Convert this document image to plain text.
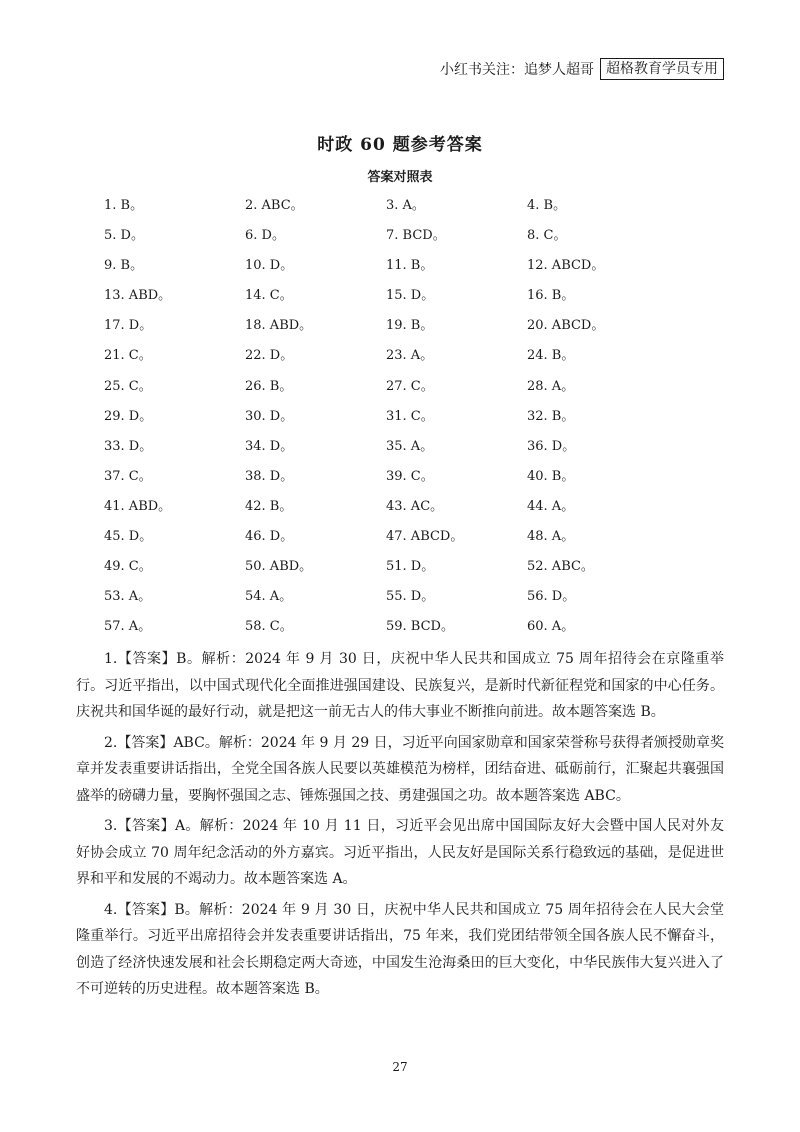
小红书关注：追梦人超哥 超格教育学员专用
时政 60 题参考答案
答案对照表
1. B。	2. ABC。	3. A。	4. B。
5. D。	6. D。	7. BCD。	8. C。
9. B。	10. D。	11. B。	12. ABCD。
13. ABD。	14. C。	15. D。	16. B。
17. D。	18. ABD。	19. B。	20. ABCD。
21. C。	22. D。	23. A。	24. B。
25. C。	26. B。	27. C。	28. A。
29. D。	30. D。	31. C。	32. B。
33. D。	34. D。	35. A。	36. D。
37. C。	38. D。	39. C。	40. B。
41. ABD。	42. B。	43. AC。	44. A。
45. D。	46. D。	47. ABCD。	48. A。
49. C。	50. ABD。	51. D。	52. ABC。
53. A。	54. A。	55. D。	56. D。
57. A。	58. C。	59. BCD。	60. A。

1.【答案】B。解析：2024 年 9 月 30 日，庆祝中华人民共和国成立 75 周年招待会在京隆重举行。习近平指出，以中国式现代化全面推进强国建设、民族复兴，是新时代新征程党和国家的中心任务。庆祝共和国华诞的最好行动，就是把这一前无古人的伟大事业不断推向前进。故本题答案选 B。

2.【答案】ABC。解析：2024 年 9 月 29 日，习近平向国家勋章和国家荣誉称号获得者颁授勋章奖章并发表重要讲话指出，全党全国各族人民要以英雄模范为榜样，团结奋进、砥砺前行，汇聚起共襄强国盛举的磅礴力量，要胸怀强国之志、锤炼强国之技、勇建强国之功。故本题答案选 ABC。

3.【答案】A。解析：2024 年 10 月 11 日，习近平会见出席中国国际友好大会暨中国人民对外友好协会成立 70 周年纪念活动的外方嘉宾。习近平指出，人民友好是国际关系行稳致远的基础，是促进世界和平和发展的不竭动力。故本题答案选 A。

4.【答案】B。解析：2024 年 9 月 30 日，庆祝中华人民共和国成立 75 周年招待会在人民大会堂隆重举行。习近平出席招待会并发表重要讲话指出，75 年来，我们党团结带领全国各族人民不懈奋斗，创造了经济快速发展和社会长期稳定两大奇迹，中国发生沧海桑田的巨大变化，中华民族伟大复兴进入了不可逆转的历史进程。故本题答案选 B。

27
